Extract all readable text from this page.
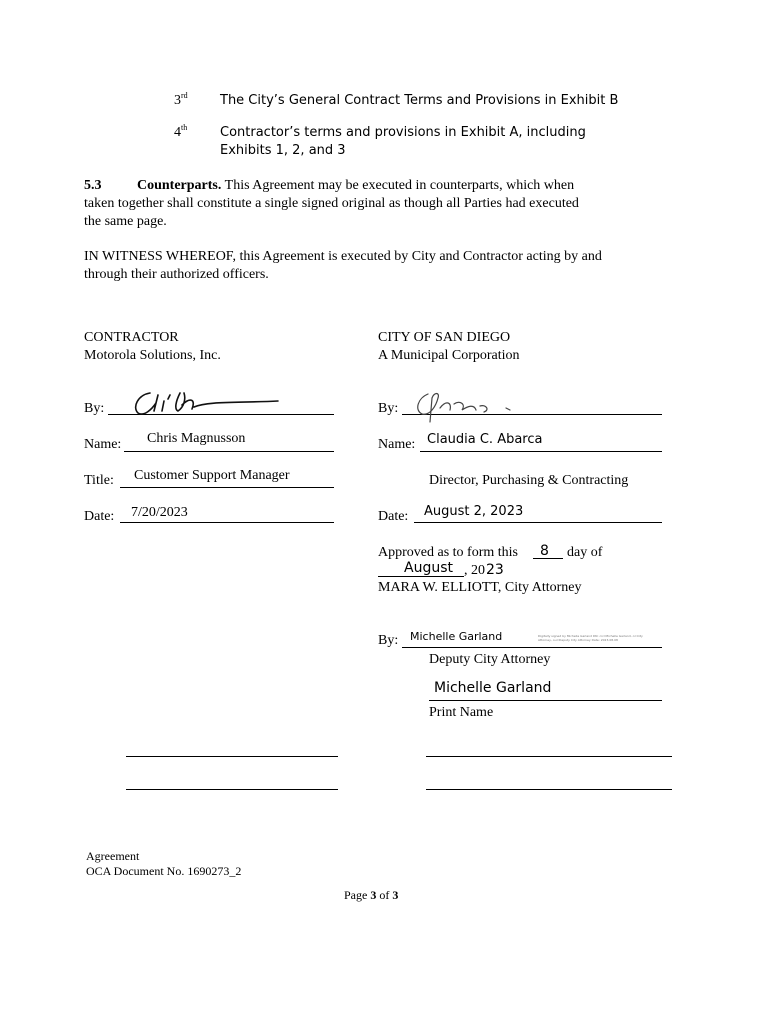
3rd The City’s General Contract Terms and Provisions in Exhibit B
4th	Contractor’s terms and provisions in Exhibit A, including
Exhibits 1, 2, and 3
5.3	Counterparts. This Agreement may be executed in counterparts, which when
taken together shall constitute a single signed original as though all Parties had executed
the same page.
IN WITNESS WHEREOF, this Agreement is executed by City and Contractor acting by and
through their authorized officers.
CONTRACTOR
Motorola Solutions, Inc.
By:
Name: Chris Magnusson
Title: Customer Support Manager
Date: 7/20/2023
CITY OF SAN DIEGO
A Municipal Corporation
By:
Name: Claudia C. Abarca
Director, Purchasing & Contracting
Date: August 2, 2023
Approved as to form this 8 day of
August , 20 23
MARA W. ELLIOTT, City Attorney
By: Michelle Garland	Digitally signed by Michelle Garland DN: cn=Michelle Garland, o=City Attorney, ou=Deputy City Attorney Date: 2023.08.08
Deputy City Attorney
Michelle Garland
Print Name
Agreement
OCA Document No. 1690273_2
Page 3 of 3
